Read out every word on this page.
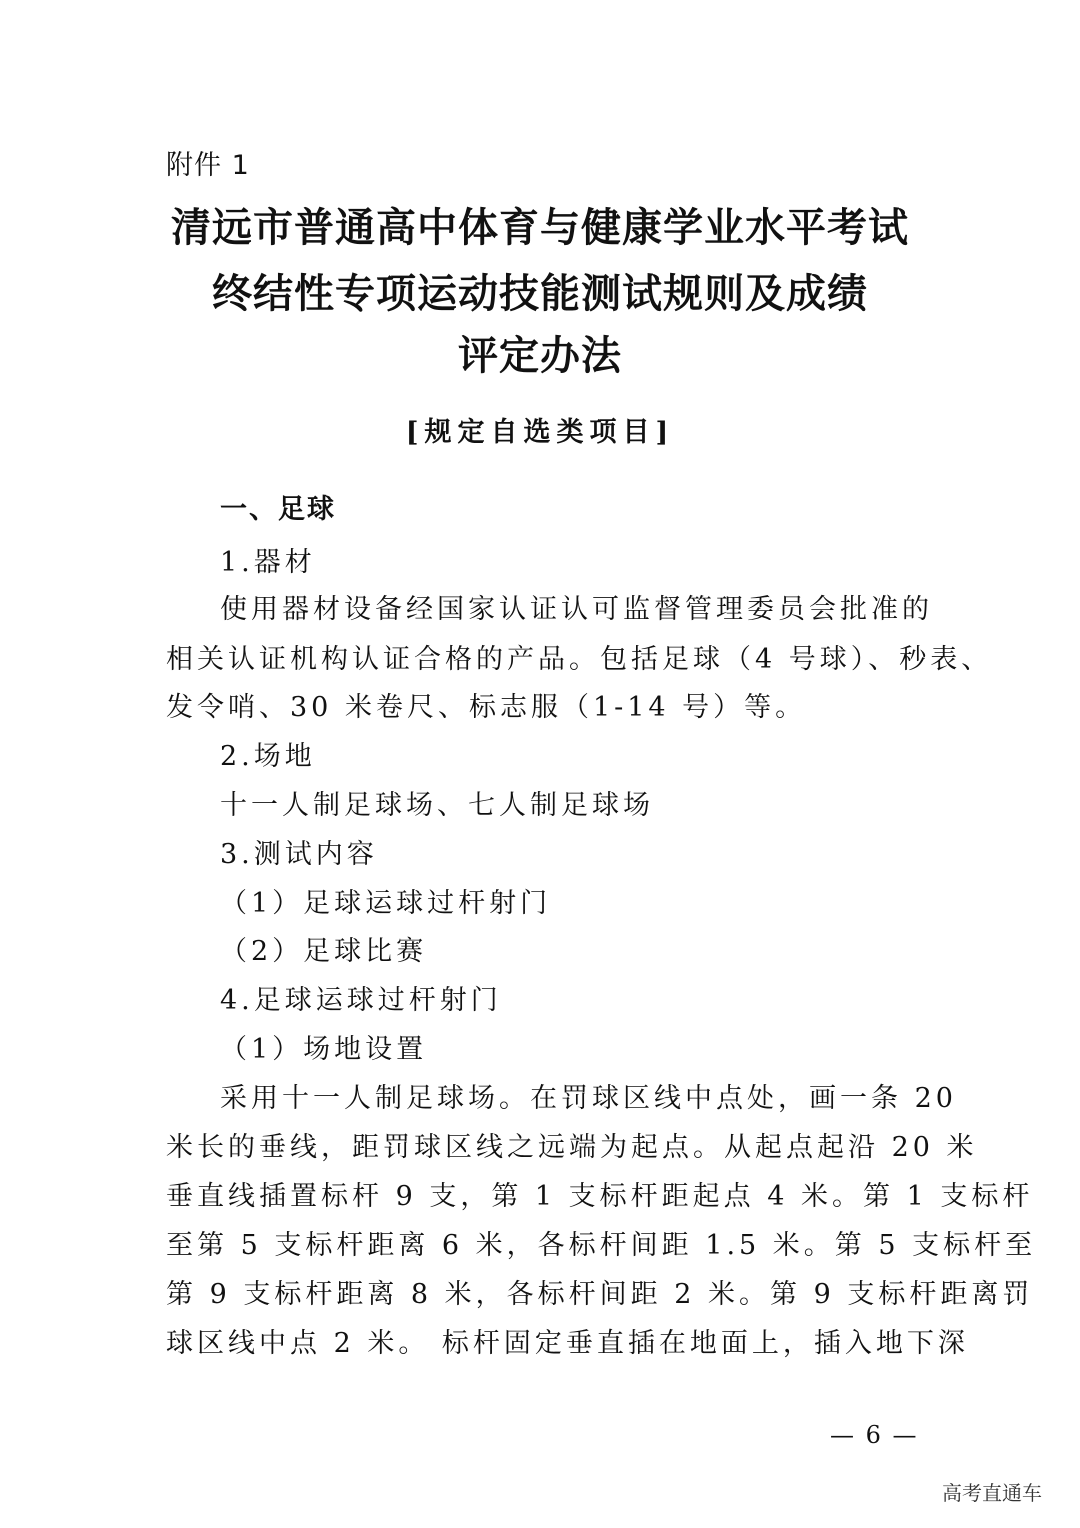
附件 1
清远市普通高中体育与健康学业水平考试
终结性专项运动技能测试规则及成绩
评定办法
[规定自选类项目]
一、足球
1.器材
使用器材设备经国家认证认可监督管理委员会批准的
相关认证机构认证合格的产品。包括足球（4 号球）、秒表、
发令哨、30 米卷尺、标志服（1-14 号）等。
2.场地
十一人制足球场、七人制足球场
3.测试内容
（1）足球运球过杆射门
（2）足球比赛
4.足球运球过杆射门
（1）场地设置
采用十一人制足球场。在罚球区线中点处，画一条 20
米长的垂线，距罚球区线之远端为起点。从起点起沿 20 米
垂直线插置标杆 9 支，第 1 支标杆距起点 4 米。第 1 支标杆
至第 5 支标杆距离 6 米，各标杆间距 1.5 米。第 5 支标杆至
第 9 支标杆距离 8 米，各标杆间距 2 米。第 9 支标杆距离罚
球区线中点 2 米。 标杆固定垂直插在地面上，插入地下深
— 6 —
高考直通车
